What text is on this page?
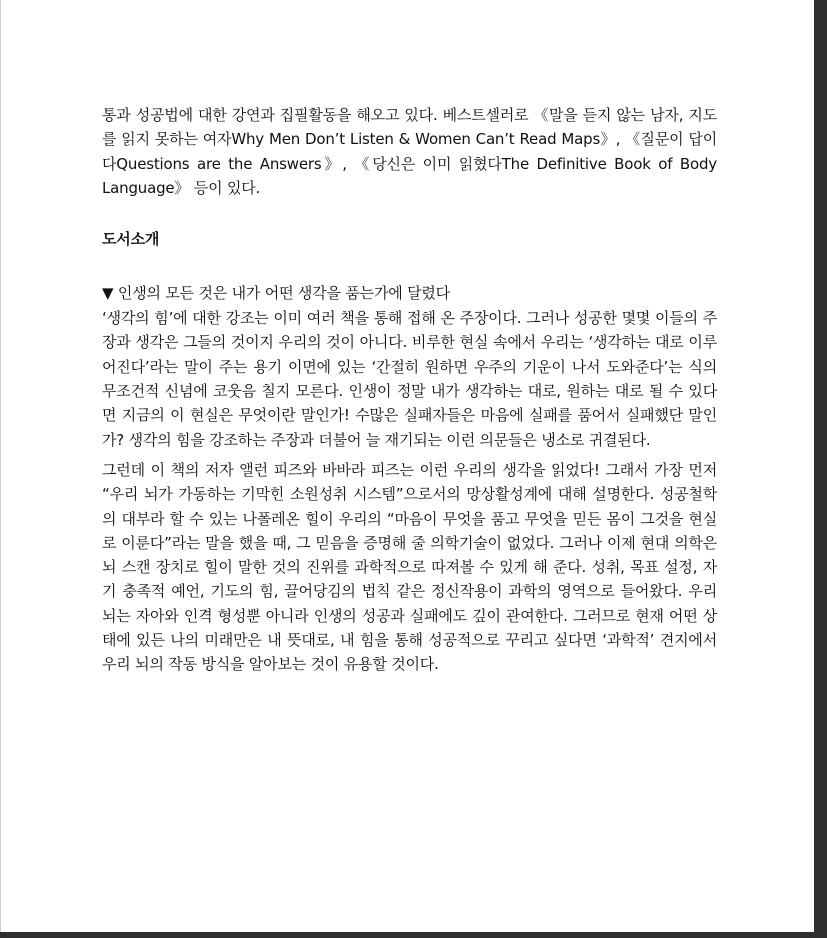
통과 성공법에 대한 강연과 집필활동을 해오고 있다. 베스트셀러로 《말을 듣지 않는 남자, 지도를 읽지 못하는 여자Why Men Don’t Listen & Women Can’t Read Maps》, 《질문이 답이다Questions are the Answers》, 《당신은 이미 읽혔다The Definitive Book of Body Language》 등이 있다.

도서소개

▼ 인생의 모든 것은 내가 어떤 생각을 품는가에 달렸다

‘생각의 힘’에 대한 강조는 이미 여러 책을 통해 접해 온 주장이다. 그러나 성공한 몇몇 이들의 주장과 생각은 그들의 것이지 우리의 것이 아니다. 비루한 현실 속에서 우리는 ‘생각하는 대로 이루어진다’라는 말이 주는 용기 이면에 있는 ‘간절히 원하면 우주의 기운이 나서 도와준다’는 식의 무조건적 신념에 코웃음 칠지 모른다. 인생이 정말 내가 생각하는 대로, 원하는 대로 될 수 있다면 지금의 이 현실은 무엇이란 말인가! 수많은 실패자들은 마음에 실패를 품어서 실패했단 말인가? 생각의 힘을 강조하는 주장과 더불어 늘 재기되는 이런 의문들은 냉소로 귀결된다.

그런데 이 책의 저자 앨런 피즈와 바바라 피즈는 이런 우리의 생각을 읽었다! 그래서 가장 먼저 “우리 뇌가 가동하는 기막힌 소원성취 시스템”으로서의 망상활성계에 대해 설명한다. 성공철학의 대부라 할 수 있는 나폴레온 힐이 우리의 “마음이 무엇을 품고 무엇을 믿든 몸이 그것을 현실로 이룬다”라는 말을 했을 때, 그 믿음을 증명해 줄 의학기술이 없었다. 그러나 이제 현대 의학은 뇌 스캔 장치로 힐이 말한 것의 진위를 과학적으로 따져볼 수 있게 해 준다. 성취, 목표 설정, 자기 충족적 예언, 기도의 힘, 끌어당김의 법칙 같은 정신작용이 과학의 영역으로 들어왔다. 우리 뇌는 자아와 인격 형성뿐 아니라 인생의 성공과 실패에도 깊이 관여한다. 그러므로 현재 어떤 상태에 있든 나의 미래만은 내 뜻대로, 내 힘을 통해 성공적으로 꾸리고 싶다면 ‘과학적’ 견지에서 우리 뇌의 작동 방식을 알아보는 것이 유용할 것이다.
